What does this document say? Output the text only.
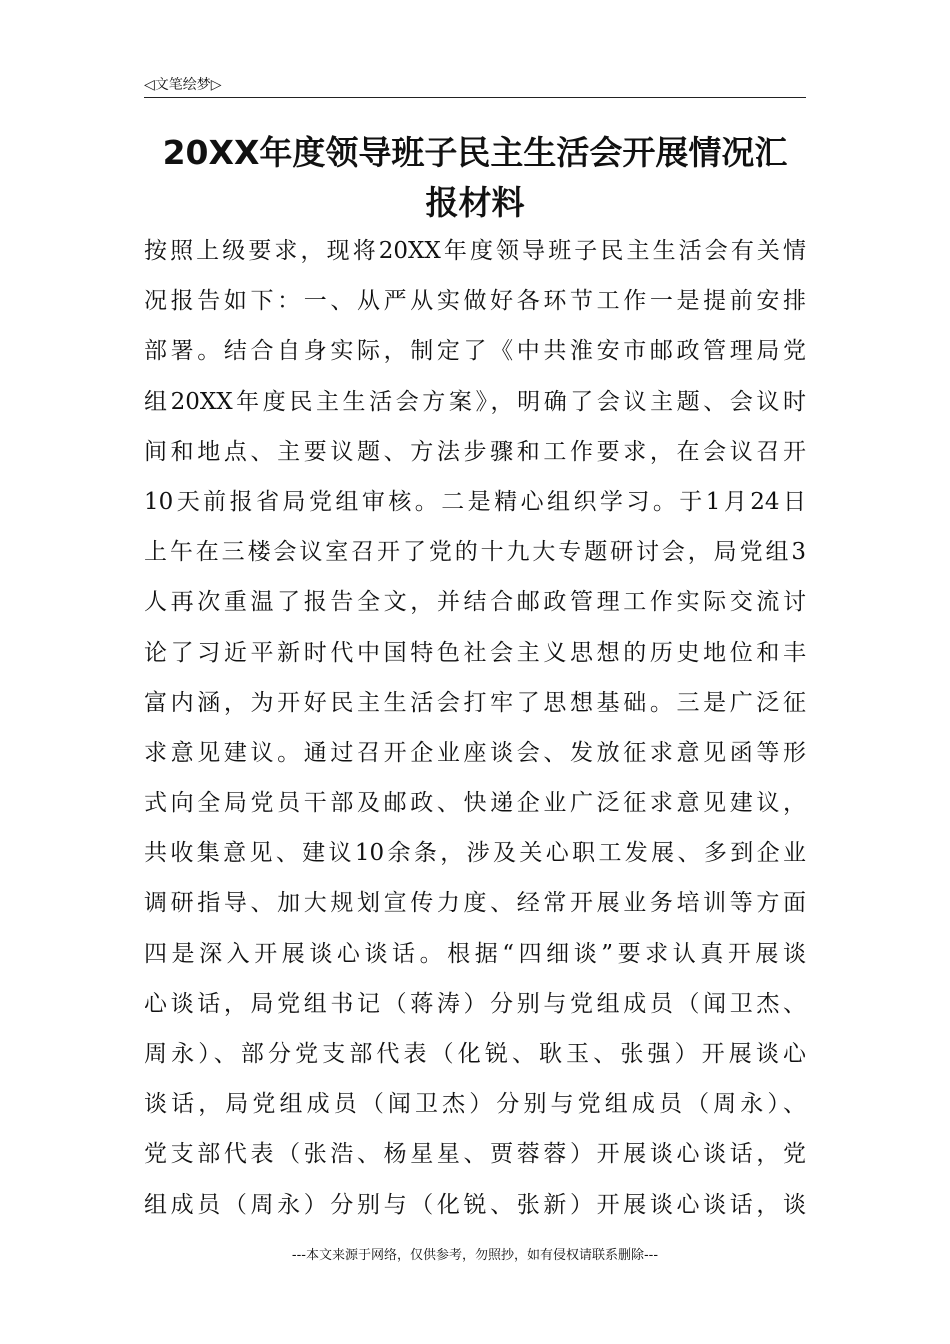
◁文笔绘梦▷
20XX年度领导班子民主生活会开展情况汇
报材料
按照上级要求，现将20XX年度领导班子民主生活会有关情
况报告如下：一、从严从实做好各环节工作一是提前安排
部署。结合自身实际，制定了《中共淮安市邮政管理局党
组20XX年度民主生活会方案》，明确了会议主题、会议时
间和地点、主要议题、方法步骤和工作要求，在会议召开
10天前报省局党组审核。二是精心组织学习。于1月24日
上午在三楼会议室召开了党的十九大专题研讨会，局党组3
人再次重温了报告全文，并结合邮政管理工作实际交流讨
论了习近平新时代中国特色社会主义思想的历史地位和丰
富内涵，为开好民主生活会打牢了思想基础。三是广泛征
求意见建议。通过召开企业座谈会、发放征求意见函等形
式向全局党员干部及邮政、快递企业广泛征求意见建议，
共收集意见、建议10余条，涉及关心职工发展、多到企业
调研指导、加大规划宣传力度、经常开展业务培训等方面
四是深入开展谈心谈话。根据“四细谈”要求认真开展谈
心谈话，局党组书记（蒋涛）分别与党组成员（闻卫杰、
周永）、部分党支部代表（化锐、耿玉、张强）开展谈心
谈话，局党组成员（闻卫杰）分别与党组成员（周永）、
党支部代表（张浩、杨星星、贾蓉蓉）开展谈心谈话，党
组成员（周永）分别与（化锐、张新）开展谈心谈话，谈
---本文来源于网络，仅供参考，勿照抄，如有侵权请联系删除---
